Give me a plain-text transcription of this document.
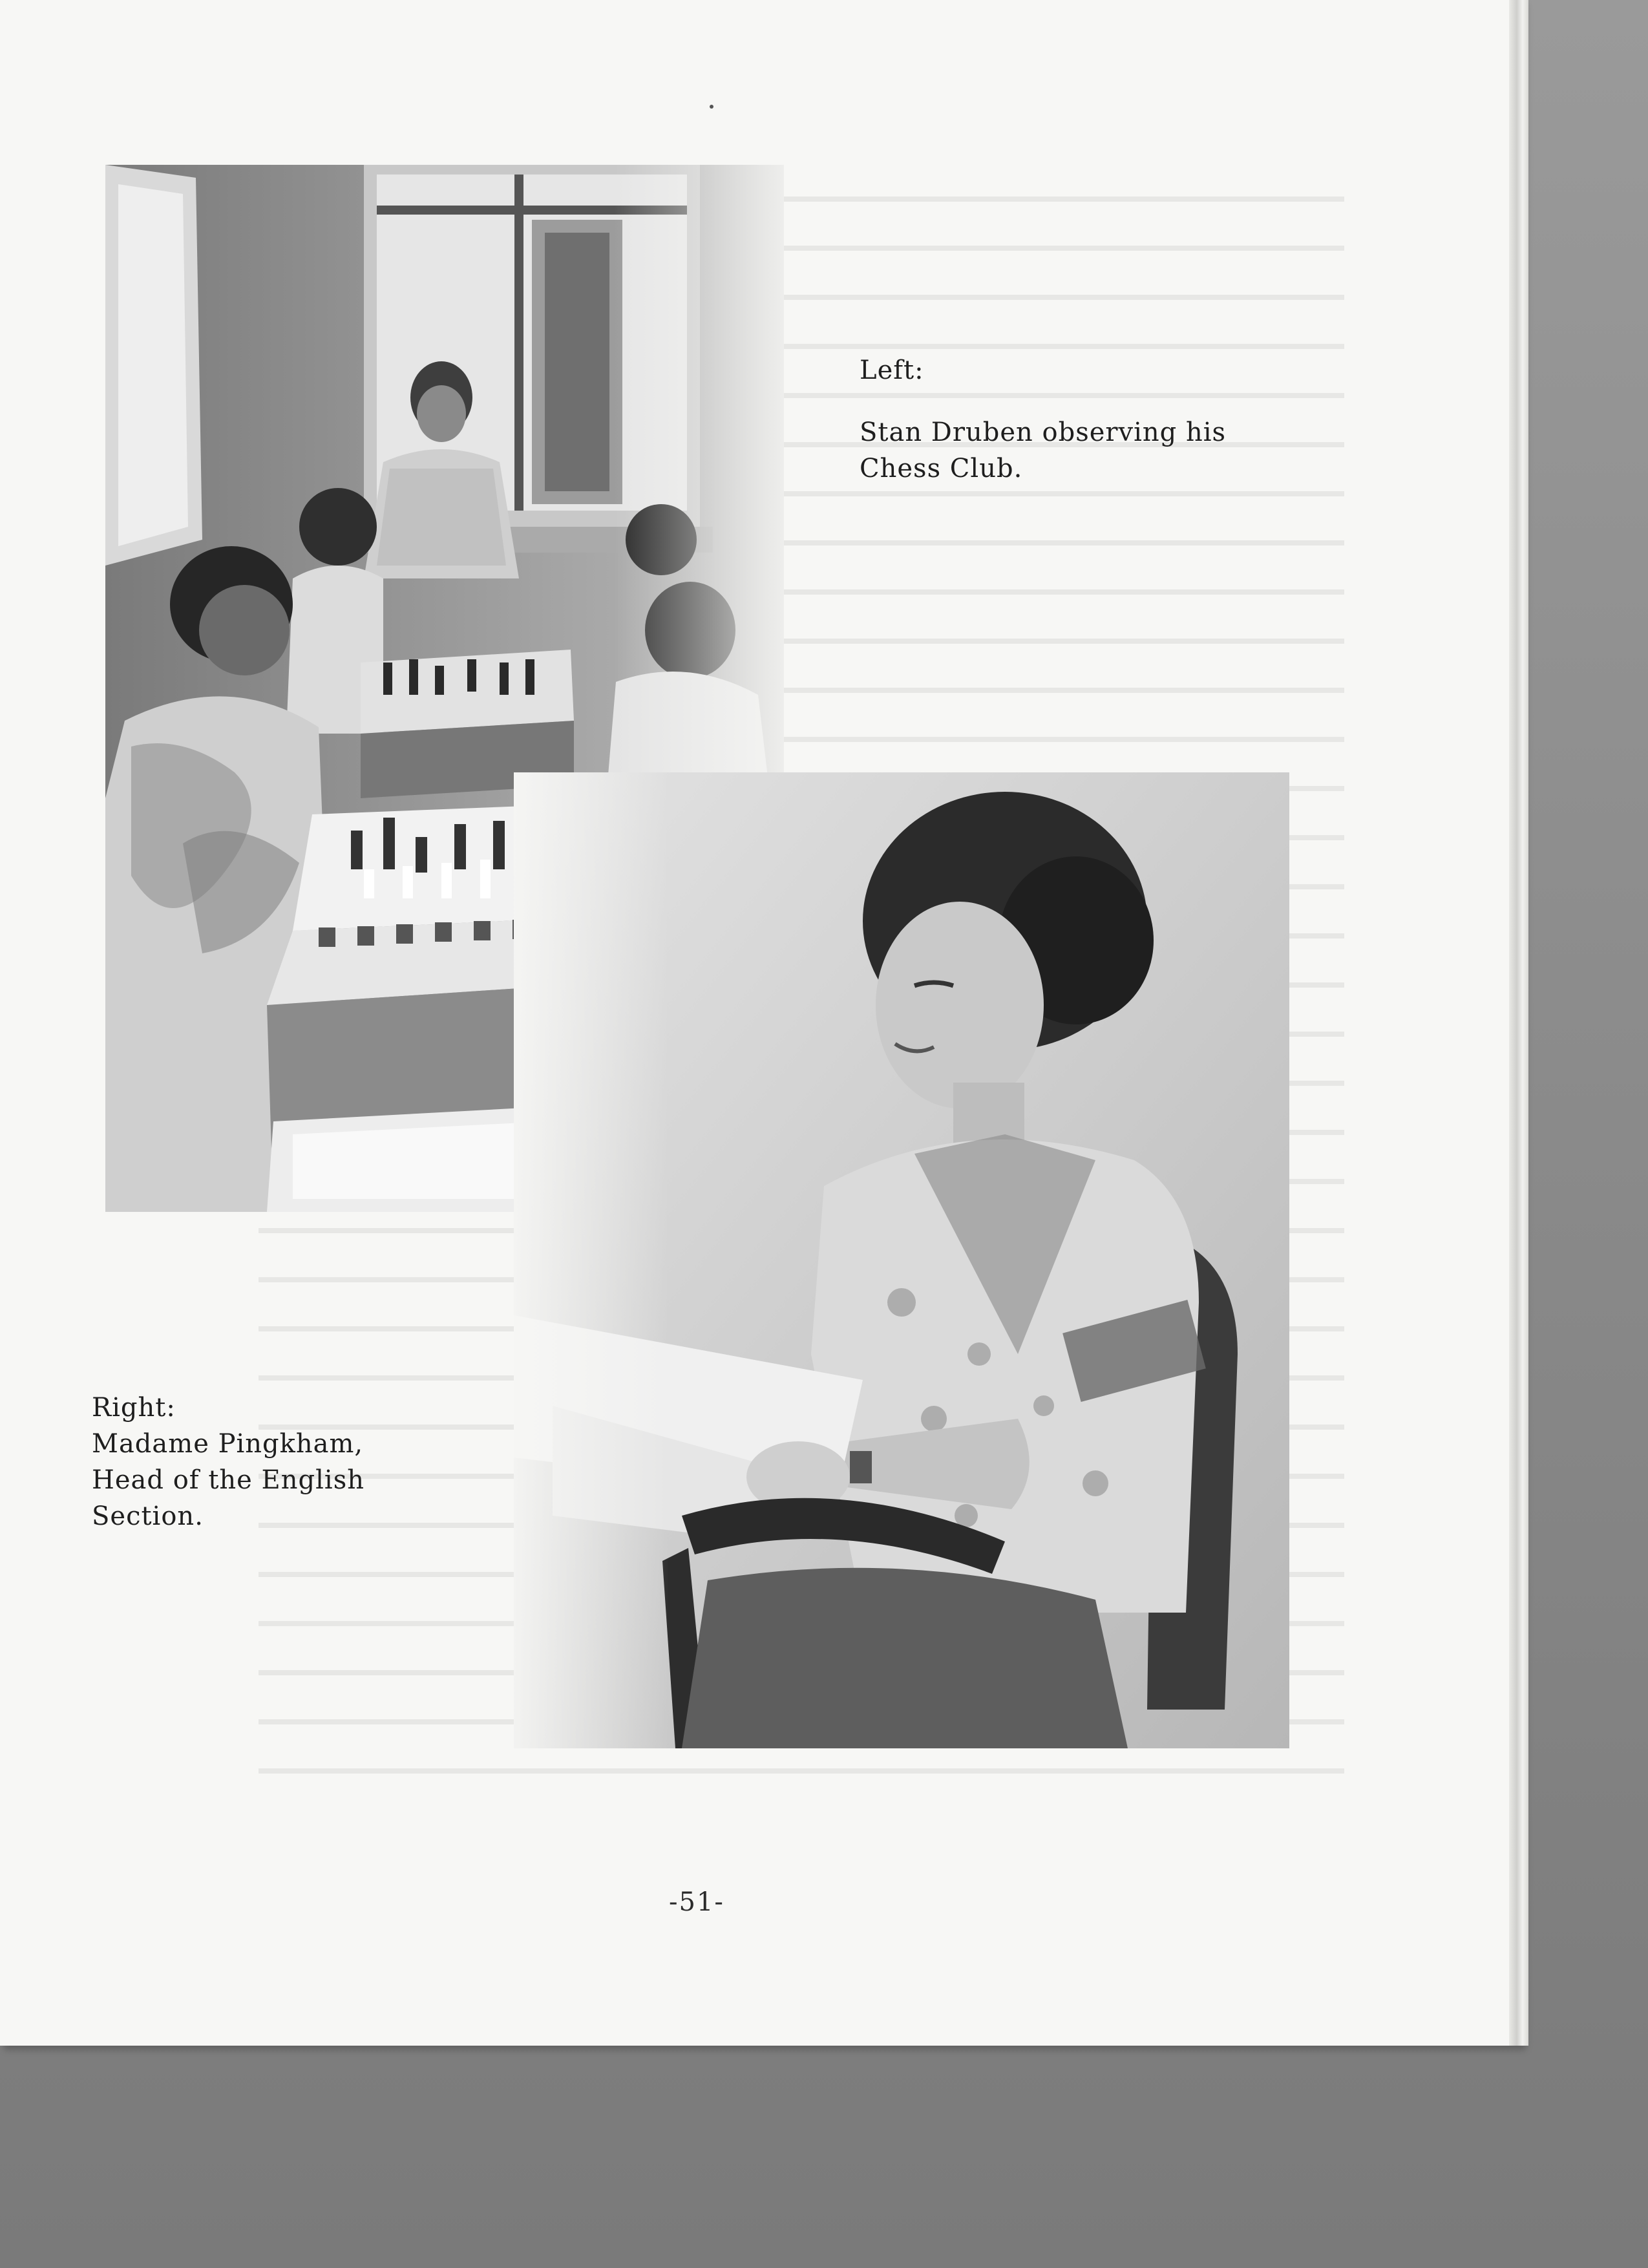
Left:
Stan Druben observing his
Chess Club.
Right:
Madame Pingkham,
Head of the English
Section.
-51-
